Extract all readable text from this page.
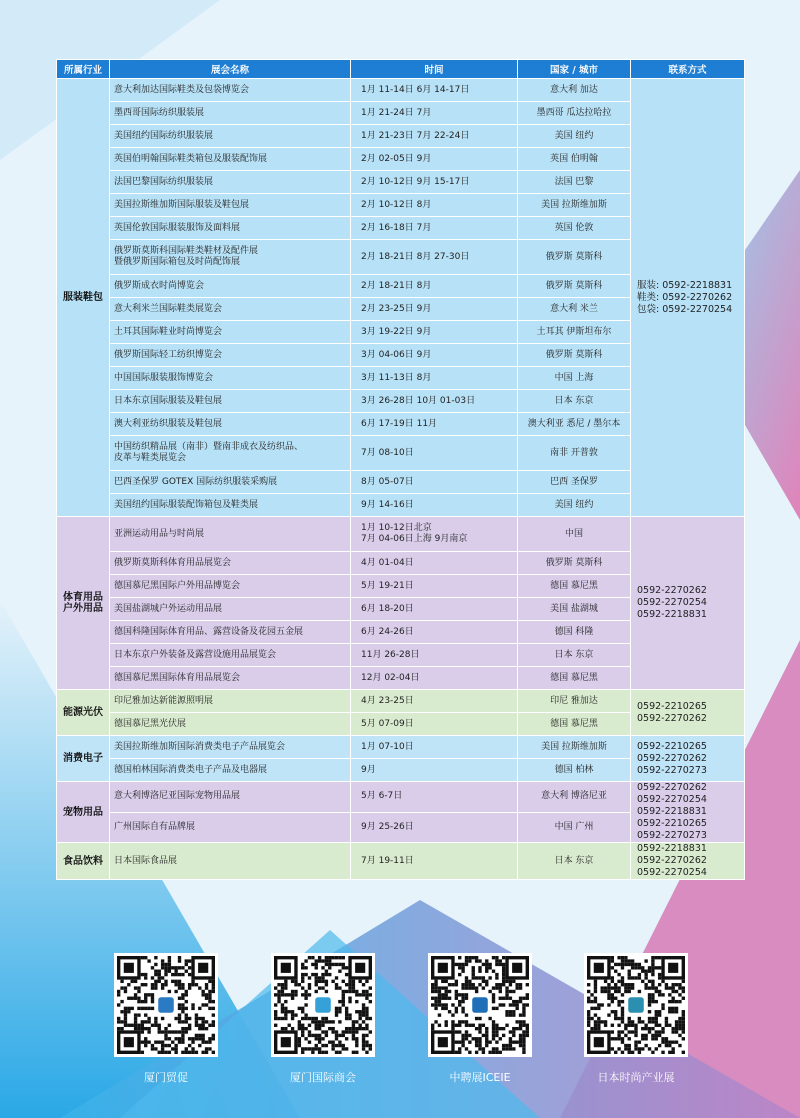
所属行业	展会名称	时间	国家 / 城市	联系方式

服装鞋包	意大利加达国际鞋类及包袋博览会	1月 11-14日 6月 14-17日	意大利 加达	服装: 0592-2218831
鞋类: 0592-2270262
包袋: 0592-2270254

	墨西哥国际纺织服装展	1月 21-24日 7月	墨西哥 瓜达拉哈拉	

	美国纽约国际纺织服装展	1月 21-23日 7月 22-24日	美国 纽约	

	英国伯明翰国际鞋类箱包及服装配饰展	2月 02-05日 9月	英国 伯明翰	

	法国巴黎国际纺织服装展	2月 10-12日 9月 15-17日	法国 巴黎	

	美国拉斯维加斯国际服装及鞋包展	2月 10-12日 8月	美国 拉斯维加斯	

	英国伦敦国际服装服饰及面料展	2月 16-18日 7月	英国 伦敦	

	俄罗斯莫斯科国际鞋类鞋材及配件展
暨俄罗斯国际箱包及时尚配饰展	2月 18-21日 8月 27-30日	俄罗斯 莫斯科	

	俄罗斯成衣时尚博览会	2月 18-21日 8月	俄罗斯 莫斯科	

	意大利米兰国际鞋类展览会	2月 23-25日 9月	意大利 米兰	

	土耳其国际鞋业时尚博览会	3月 19-22日 9月	土耳其 伊斯坦布尔	

	俄罗斯国际轻工纺织博览会	3月 04-06日 9月	俄罗斯 莫斯科	

	中国国际服装服饰博览会	3月 11-13日 8月	中国 上海	

	日本东京国际服装及鞋包展	3月 26-28日 10月 01-03日	日本 东京	

	澳大利亚纺织服装及鞋包展	6月 17-19日 11月	澳大利亚 悉尼 / 墨尔本	

	中国纺织精品展（南非）暨南非成衣及纺织品、
皮革与鞋类展览会	7月 08-10日	南非 开普敦	

	巴西圣保罗 GOTEX 国际纺织服装采购展	8月 05-07日	巴西 圣保罗	

	美国纽约国际服装配饰箱包及鞋类展	9月 14-16日	美国 纽约	

体育用品
户外用品	亚洲运动用品与时尚展	1月 10-12日北京
7月 04-06日上海 9月南京	中国	0592-2270262
0592-2270254
0592-2218831

	俄罗斯莫斯科体育用品展览会	4月 01-04日	俄罗斯 莫斯科	

	德国慕尼黑国际户外用品博览会	5月 19-21日	德国 慕尼黑	

	美国盐湖城户外运动用品展	6月 18-20日	美国 盐湖城	

	德国科隆国际体育用品、露营设备及花园五金展	6月 24-26日	德国 科隆	

	日本东京户外装备及露营设施用品展览会	11月 26-28日	日本 东京	

	德国慕尼黑国际体育用品展览会	12月 02-04日	德国 慕尼黑	

能源光伏	印尼雅加达新能源照明展	4月 23-25日	印尼 雅加达	0592-2210265
0592-2270262

	德国慕尼黑光伏展	5月 07-09日	德国 慕尼黑	

消费电子	美国拉斯维加斯国际消费类电子产品展览会	1月 07-10日	美国 拉斯维加斯	0592-2210265
0592-2270262
0592-2270273

	德国柏林国际消费类电子产品及电器展	9月	德国 柏林	

宠物用品	意大利博洛尼亚国际宠物用品展	5月 6-7日	意大利 博洛尼亚	0592-2270262
0592-2270254
0592-2218831
0592-2210265
0592-2270273

	广州国际自有品牌展	9月 25-26日	中国 广州	

食品饮料	日本国际食品展	7月 19-11日	日本 东京	0592-2218831
0592-2270262
0592-2270254
厦门贸促	厦门国际商会	中聘展ICEIE	日本时尚产业展
